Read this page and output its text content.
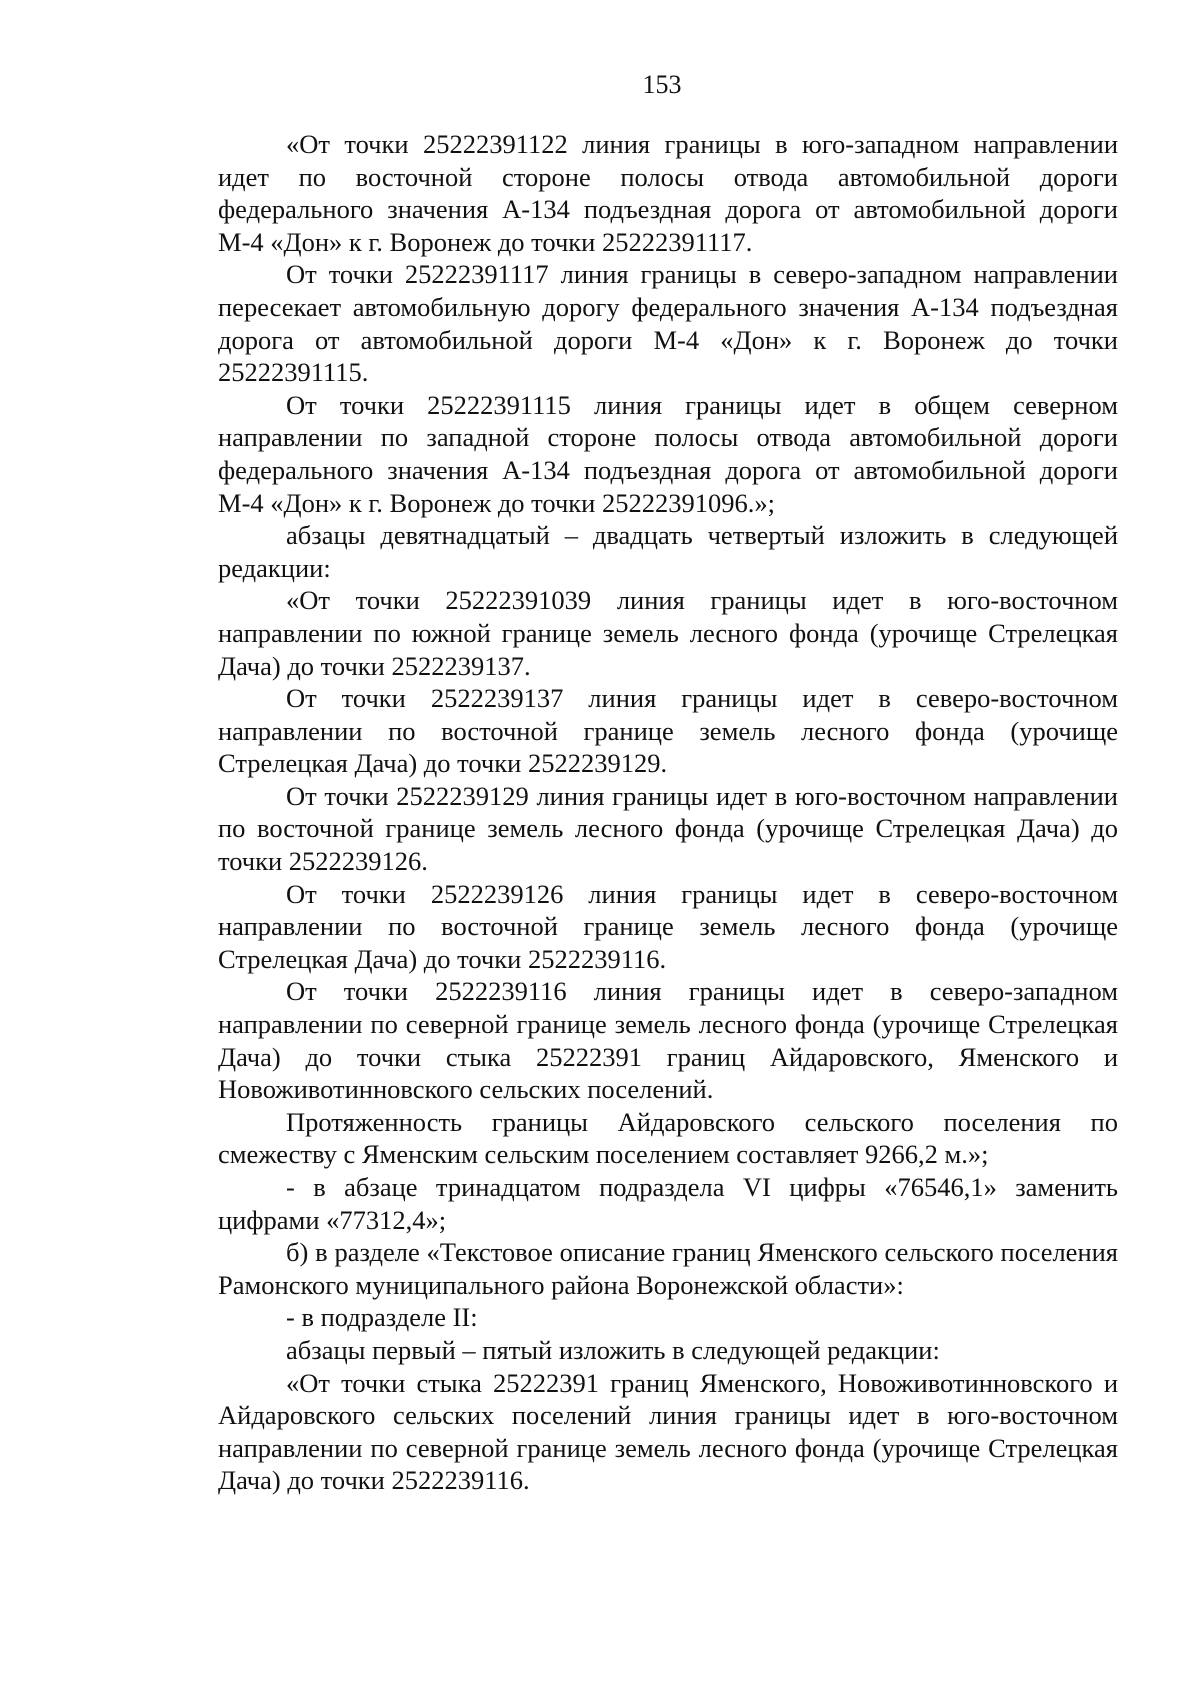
153

«От точки 25222391122 линия границы в юго-западном направлении идет по восточной стороне полосы отвода автомобильной дороги федерального значения А-134 подъездная дорога от автомобильной дороги М-4 «Дон» к г. Воронеж до точки 25222391117.

От точки 25222391117 линия границы в северо-западном направлении пересекает автомобильную дорогу федерального значения А-134 подъездная дорога от автомобильной дороги М-4 «Дон» к г. Воронеж до точки 25222391115.

От точки 25222391115 линия границы идет в общем северном направлении по западной стороне полосы отвода автомобильной дороги федерального значения А-134 подъездная дорога от автомобильной дороги М-4 «Дон» к г. Воронеж до точки 25222391096.»;

абзацы девятнадцатый – двадцать четвертый изложить в следующей редакции:

«От точки 25222391039 линия границы идет в юго-восточном направлении по южной границе земель лесного фонда (урочище Стрелецкая Дача) до точки 2522239137.

От точки 2522239137 линия границы идет в северо-восточном направлении по восточной границе земель лесного фонда (урочище Стрелецкая Дача) до точки 2522239129.

От точки 2522239129 линия границы идет в юго-восточном направлении по восточной границе земель лесного фонда (урочище Стрелецкая Дача) до точки 2522239126.

От точки 2522239126 линия границы идет в северо-восточном направлении по восточной границе земель лесного фонда (урочище Стрелецкая Дача) до точки 2522239116.

От точки 2522239116 линия границы идет в северо-западном направлении по северной границе земель лесного фонда (урочище Стрелецкая Дача) до точки стыка 25222391 границ Айдаровского, Яменского и Новоживотинновского сельских поселений.

Протяженность границы Айдаровского сельского поселения по смежеству с Яменским сельским поселением составляет 9266,2 м.»;

- в абзаце тринадцатом подраздела VI цифры «76546,1» заменить цифрами «77312,4»;

б) в разделе «Текстовое описание границ Яменского сельского поселения Рамонского муниципального района Воронежской области»:

- в подразделе II:

абзацы первый – пятый изложить в следующей редакции:

«От точки стыка 25222391 границ Яменского, Новоживотинновского и Айдаровского сельских поселений линия границы идет в юго-восточном направлении по северной границе земель лесного фонда (урочище Стрелецкая Дача) до точки 2522239116.
